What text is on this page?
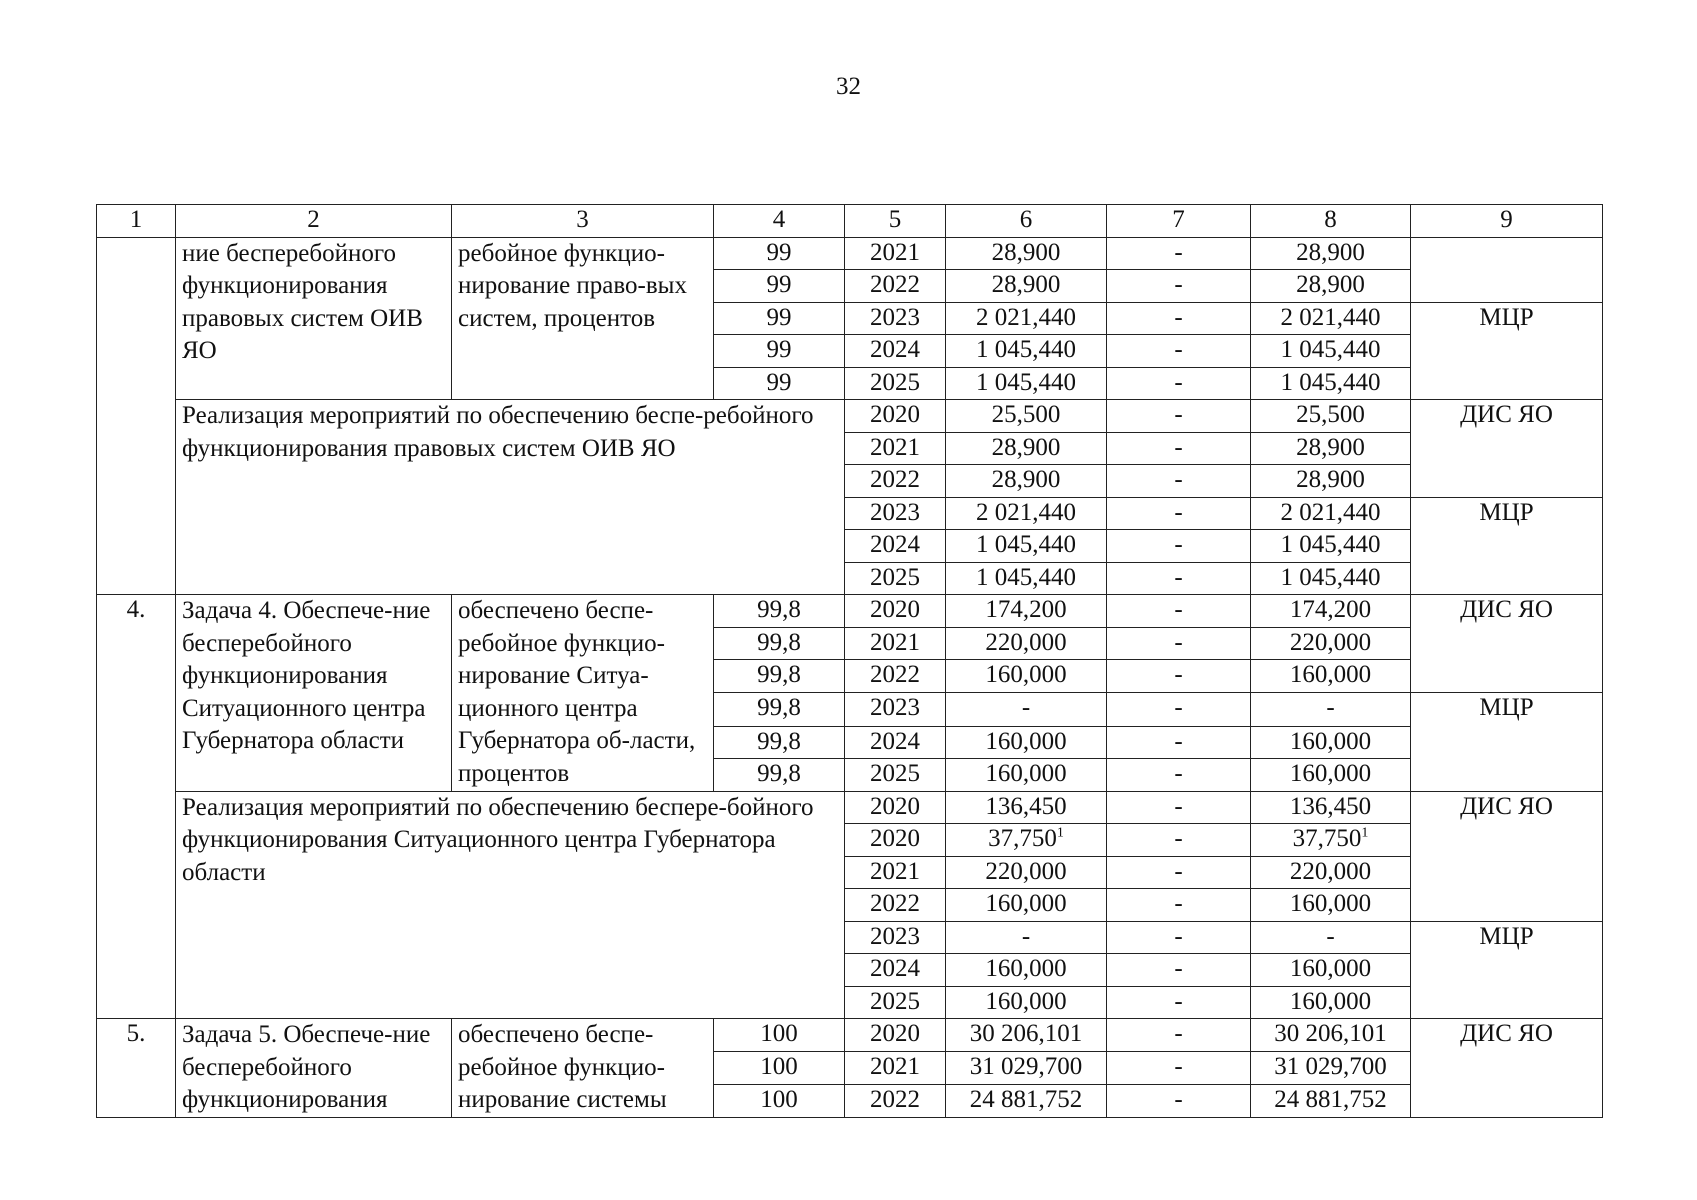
32
1	2	3	4	5	6	7	8	9
	ние бесперебойного функционирования правовых систем ОИВ ЯО	ребойное функцио-нирование право-вых систем, процентов	99	2021	28,900	-	28,900	
			99	2022	28,900	-	28,900	
			99	2023	2 021,440	-	2 021,440	МЦР
			99	2024	1 045,440	-	1 045,440	
			99	2025	1 045,440	-	1 045,440	
	Реализация мероприятий по обеспечению беспе-ребойного функционирования правовых систем ОИВ ЯО			2020	25,500	-	25,500	ДИС ЯО
				2021	28,900	-	28,900	
				2022	28,900	-	28,900	
				2023	2 021,440	-	2 021,440	МЦР
				2024	1 045,440	-	1 045,440	
				2025	1 045,440	-	1 045,440	
4.	Задача 4. Обеспече-ние бесперебойного функционирования Ситуационного центра Губернатора области	обеспечено беспе-ребойное функцио-нирование Ситуа-ционного центра Губернатора об-ласти, процентов	99,8	2020	174,200	-	174,200	ДИС ЯО
			99,8	2021	220,000	-	220,000	
			99,8	2022	160,000	-	160,000	
			99,8	2023	-	-	-	МЦР
			99,8	2024	160,000	-	160,000	
			99,8	2025	160,000	-	160,000	
	Реализация мероприятий по обеспечению беспере-бойного функционирования Ситуационного центра Губернатора области			2020	136,450	-	136,450	ДИС ЯО
				2020	37,750$^1$	-	37,750$^1$
				2021	220,000	-	220,000	
				2022	160,000	-	160,000	
				2023	-	-	-	МЦР
				2024	160,000	-	160,000	
				2025	160,000	-	160,000	
5.	Задача 5. Обеспече-ние бесперебойного функционирования	обеспечено беспе-ребойное функцио-нирование системы	100	2020	30 206,101	-	30 206,101	ДИС ЯО
			100	2021	31 029,700	-	31 029,700	
			100	2022	24 881,752	-	24 881,752	
